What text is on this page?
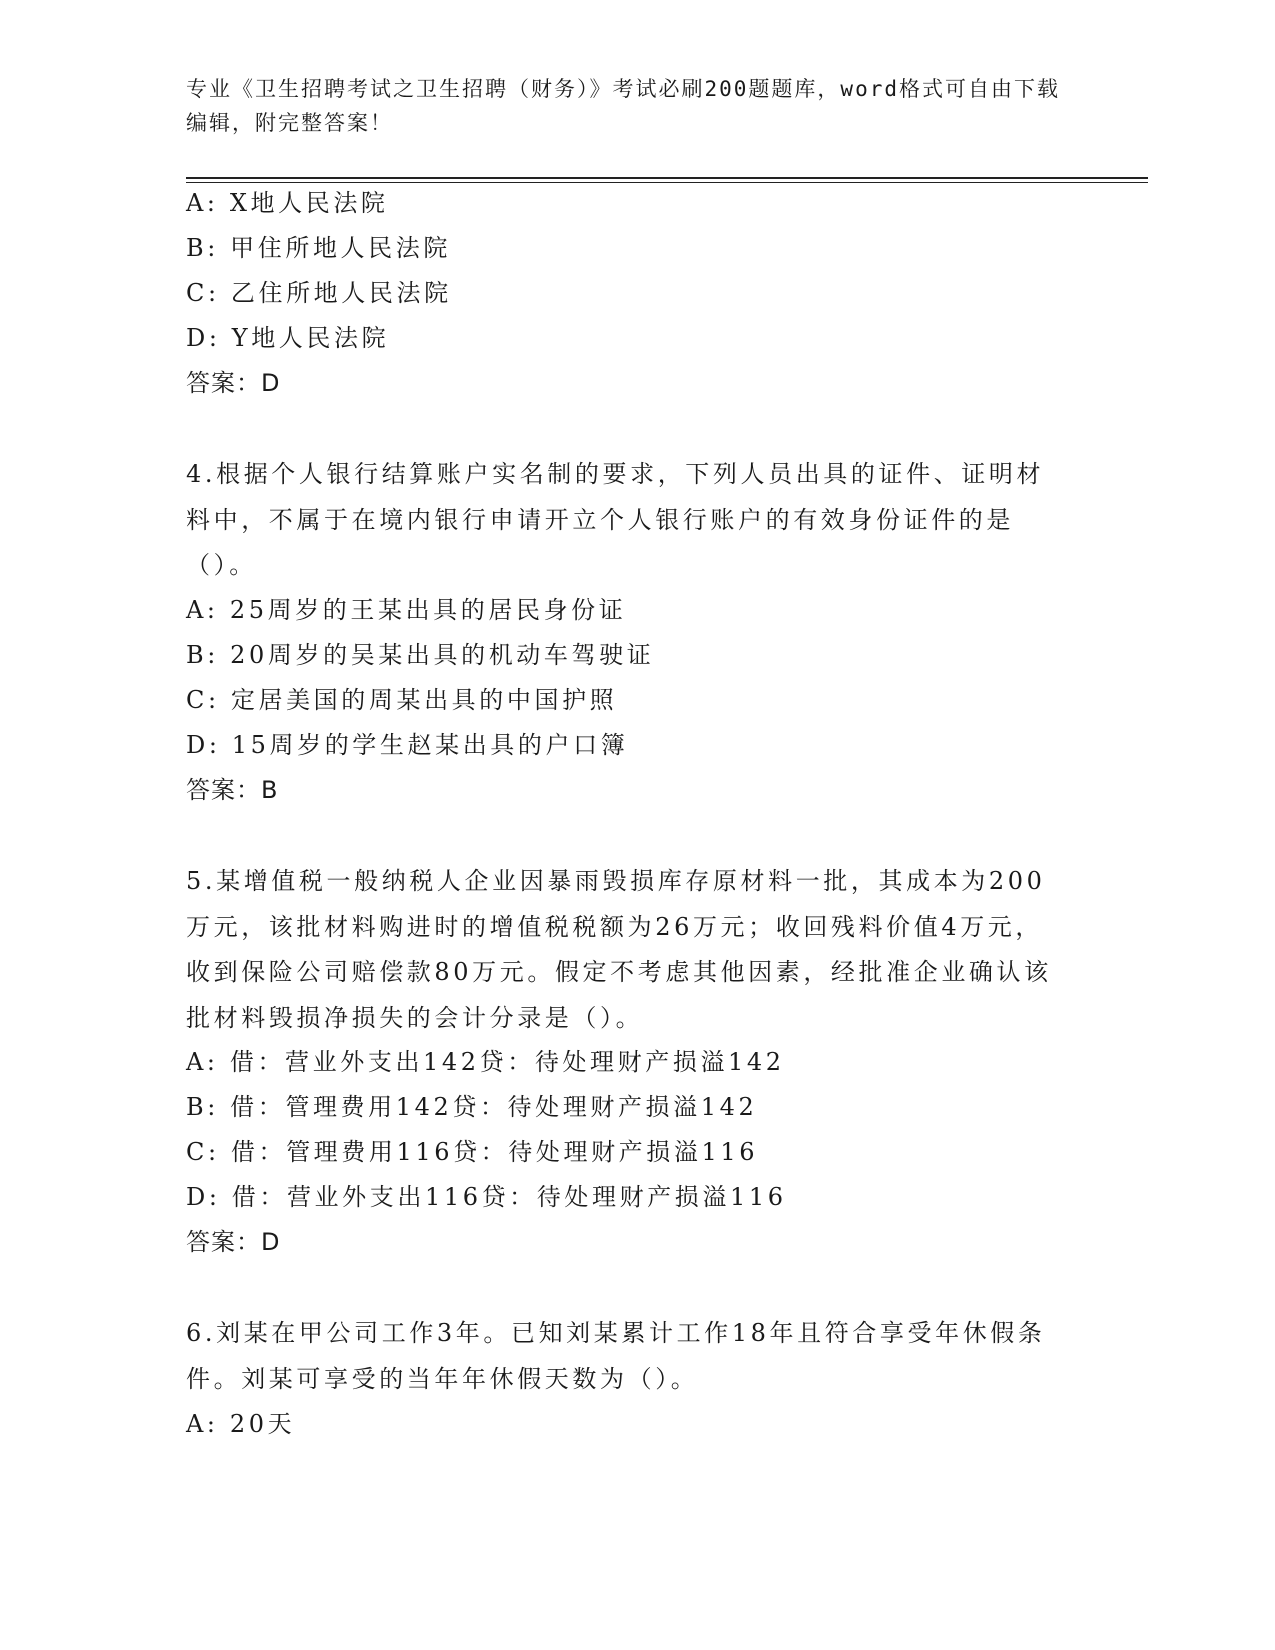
专业《卫生招聘考试之卫生招聘（财务）》考试必刷200题题库，word格式可自由下载编辑，附完整答案！
A: X地人民法院
B: 甲住所地人民法院
C: 乙住所地人民法院
D: Y地人民法院
答案：D
4.根据个人银行结算账户实名制的要求，下列人员出具的证件、证明材料中，不属于在境内银行申请开立个人银行账户的有效身份证件的是（）。
A: 25周岁的王某出具的居民身份证
B: 20周岁的吴某出具的机动车驾驶证
C: 定居美国的周某出具的中国护照
D: 15周岁的学生赵某出具的户口簿
答案：B
5.某增值税一般纳税人企业因暴雨毁损库存原材料一批，其成本为200万元，该批材料购进时的增值税税额为26万元；收回残料价值4万元，收到保险公司赔偿款80万元。假定不考虑其他因素，经批准企业确认该批材料毁损净损失的会计分录是（）。
A: 借：营业外支出142贷：待处理财产损溢142
B: 借：管理费用142贷：待处理财产损溢142
C: 借：管理费用116贷：待处理财产损溢116
D: 借：营业外支出116贷：待处理财产损溢116
答案：D
6.刘某在甲公司工作3年。已知刘某累计工作18年且符合享受年休假条件。刘某可享受的当年年休假天数为（）。
A: 20天
